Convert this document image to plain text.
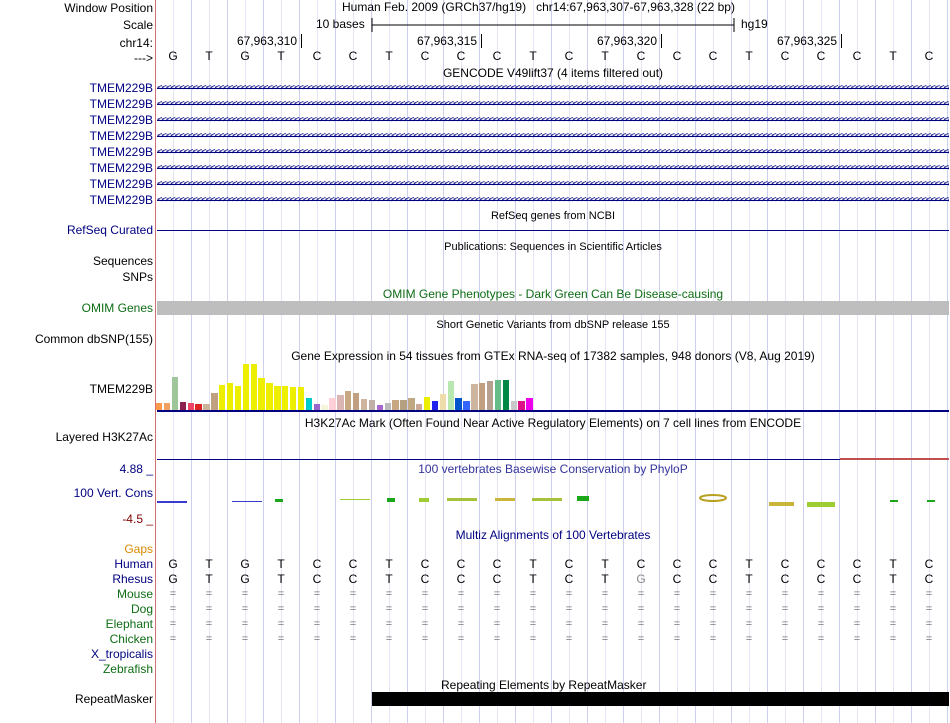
Window Position
Scale
chr14:
--->
Human Feb. 2009 (GRCh37/hg19) chr14:67,963,307-67,963,328 (22 bp)
10 bases	hg19
67,963,310	67,963,315	67,963,320	67,963,325
G	T	G	T	C	C	T	C	C	C	T	C	T	C	C	C	T	C	C	C	T	C
GENCODE V49lift37 (4 items filtered out)
TMEM229B
TMEM229B
TMEM229B
TMEM229B
TMEM229B
TMEM229B
TMEM229B
TMEM229B
RefSeq genes from NCBI
RefSeq Curated
Publications: Sequences in Scientific Articles
Sequences
SNPs
OMIM Gene Phenotypes - Dark Green Can Be Disease-causing
OMIM Genes
Short Genetic Variants from dbSNP release 155
Common dbSNP(155)
Gene Expression in 54 tissues from GTEx RNA-seq of 17382 samples, 948 donors (V8, Aug 2019)
TMEM229B
H3K27Ac Mark (Often Found Near Active Regulatory Elements) on 7 cell lines from ENCODE
Layered H3K27Ac
100 vertebrates Basewise Conservation by PhyloP
4.88 _
100 Vert. Cons
-4.5 _
Multiz Alignments of 100 Vertebrates
Gaps
Human	G	T	G	T	C	C	T	C	C	C	T	C	T	C	C	C	T	C	C	C	T	C
Rhesus	G	T	G	T	C	C	T	C	C	C	T	C	T	G	C	C	T	C	C	C	T	C
Mouse	=	=	=	=	=	=	=	=	=	=	=	=	=	=	=	=	=	=	=	=	=	=
Dog	=	=	=	=	=	=	=	=	=	=	=	=	=	=	=	=	=	=	=	=	=	=
Elephant	=	=	=	=	=	=	=	=	=	=	=	=	=	=	=	=	=	=	=	=	=	=
Chicken	=	=	=	=	=	=	=	=	=	=	=	=	=	=	=	=	=	=	=	=	=	=
X_tropicalis
Zebrafish
Repeating Elements by RepeatMasker
RepeatMasker
